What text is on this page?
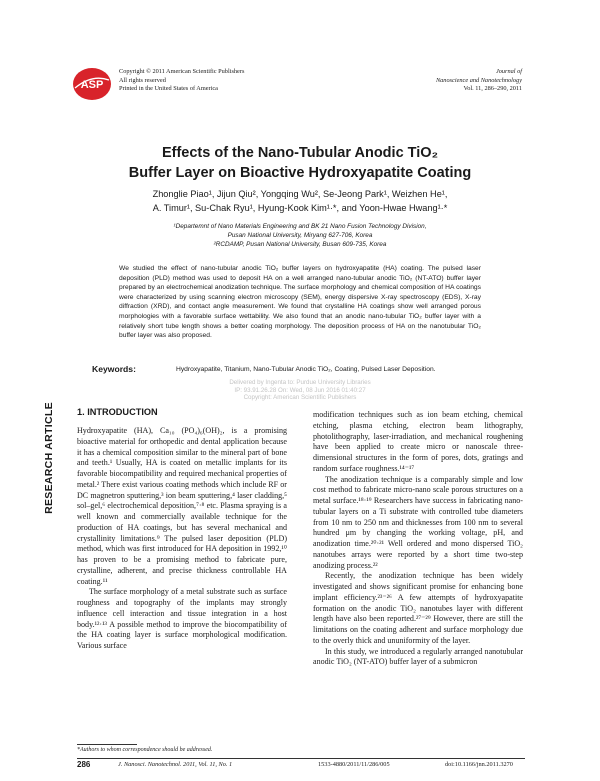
ASP
Copyright © 2011 American Scientific Publishers
All rights reserved
Printed in the United States of America
Journal of
Nanoscience and Nanotechnology
Vol. 11, 286–290, 2011
Effects of the Nano-Tubular Anodic TiO₂
Buffer Layer on Bioactive Hydroxyapatite Coating
Zhonglie Piao¹, Jijun Qiu², Yongqing Wu², Se-Jeong Park¹, Weizhen He¹,
A. Timur¹, Su-Chak Ryu¹, Hyung-Kook Kim¹·*, and Yoon-Hwae Hwang¹·*
¹Departemnt of Nano Materials Engineering and BK 21 Nano Fusion Technology Division,
Pusan National University, Miryang 627-706, Korea
²RCDAMP, Pusan National University, Busan 609-735, Korea
We studied the effect of nano-tubular anodic TiO₂ buffer layers on hydroxyapatite (HA) coating. The pulsed laser deposition (PLD) method was used to deposit HA on a well arranged nano-tubular anodic TiO₂ (NT-ATO) buffer layer prepared by an electrochemical anodization technique. The surface morphology and chemical composition of HA coatings were characterized by using scanning electron microscopy (SEM), energy dispersive X-ray spectroscopy (EDS), X-ray diffraction (XRD), and contact angle measurement. We found that crystalline HA coatings show well arranged porous morphologies with a favorable surface wettability. We also found that an anodic nano-tubular TiO₂ buffer layer with a relatively short tube length shows a better coating morphology. The deposition process of HA on the nanotubular TiO₂ buffer layer was also proposed.
Keywords:	Hydroxyapatite, Titanium, Nano-Tubular Anodic TiO₂, Coating, Pulsed Laser Deposition.
Delivered by Ingenta to: Purdue University Libraries
IP: 93.91.26.28 On: Wed, 08 Jun 2016 01:40:27
Copyright: American Scientific Publishers
RESEARCH ARTICLE 1. INTRODUCTION

Hydroxyapatite (HA), Ca₁₀ (PO₄)₆(OH)₂, is a promising bioactive material for orthopedic and dental application because it has a chemical composition similar to the mineral part of bone and teeth.¹ Usually, HA is coated on metallic implants for its favorable biocompatibility and required mechanical properties of metal.² There exist various coating methods which include RF or DC magnetron sputtering,³ ion beam sputtering,⁴ laser cladding,⁵ sol–gel,⁶ electrochemical deposition,⁷·⁸ etc. Plasma spraying is a well known and commercially available technique for the production of HA coatings, but has several mechanical and crystallinity limitations.⁹ The pulsed laser deposition (PLD) method, which was first introduced for HA deposition in 1992,¹⁰ has proven to be a promising method to fabricate pure, crystalline, adherent, and precise thickness controllable HA coating.¹¹

The surface morphology of a metal substrate such as surface roughness and topography of the implants may strongly influence cell interaction and tissue integration in a host body.¹²·¹³ A possible method to improve the biocompatibility of the HA coating layer is surface morphological modification. Various surface

modification techniques such as ion beam etching, chemical etching, plasma etching, electron beam lithography, photolithography, laser-irradiation, and mechanical roughening have been applied to create micro or nanoscale three-dimensional structures in the form of pores, dots, gratings and random surface roughness.¹⁴⁻¹⁷

The anodization technique is a comparably simple and low cost method to fabricate micro-nano scale porous structures on a metal surface.¹⁸·¹⁹ Researchers have success in fabricating nano-tubular layers on a Ti substrate with controlled tube diameters from 10 nm to 250 nm and thicknesses from 100 nm to several hundred μm by changing the working voltage, pH, and anodization time.²⁰·²¹ Well ordered and mono dispersed TiO₂ nanotubes arrays were reported by a short time two-step anodizing process.²²

Recently, the anodization technique has been widely investigated and shows significant promise for enhancing bone implant efficiency.²³⁻²⁶ A few attempts of hydroxyapatite formation on the anodic TiO₂ nanotubes layer with different length have also been reported.²⁷⁻²⁹ However, there are still the limitations on the coating adherent and surface morphology due to the overly thick and ununiformity of the layer.

In this study, we introduced a regularly arranged nanotubular anodic TiO₂ (NT-ATO) buffer layer of a submicron

*Authors to whom correspondence should be addressed.
286	J. Nanosci. Nanotechnol. 2011, Vol. 11, No. 1	1533-4880/2011/11/286/005	doi:10.1166/jnn.2011.3270
